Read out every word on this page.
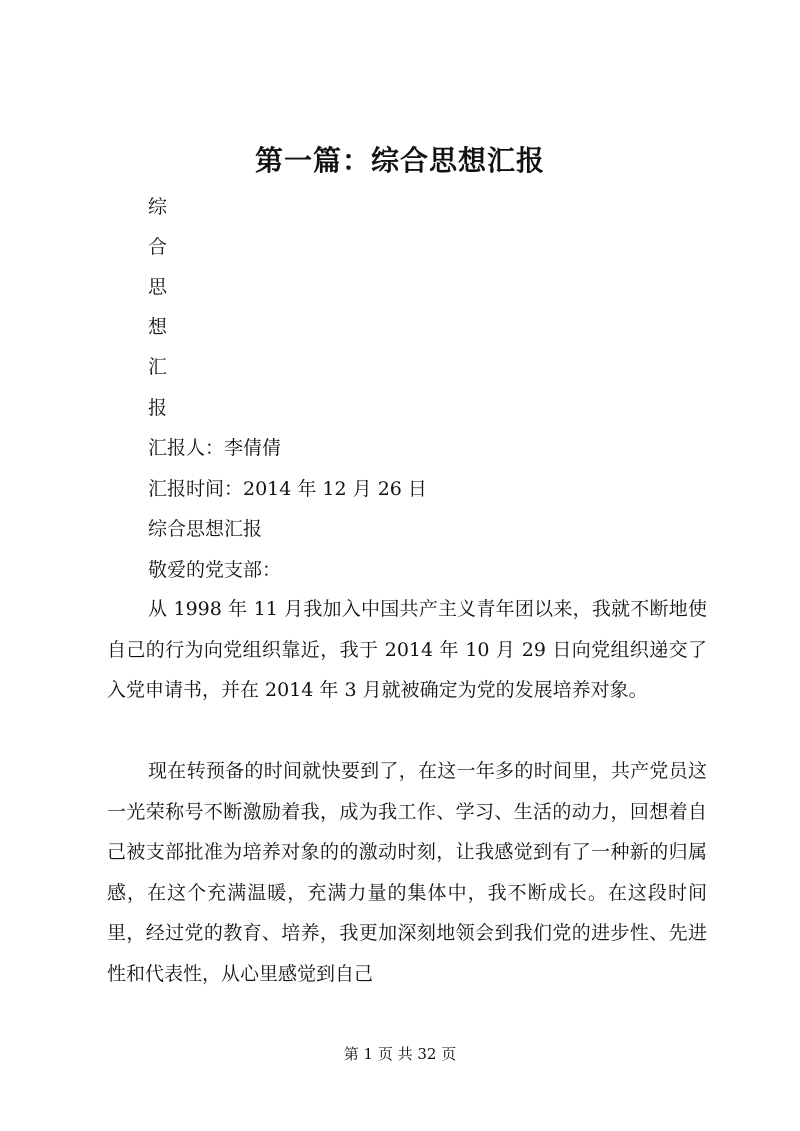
第一篇：综合思想汇报
综
合
思
想
汇
报
汇报人：李倩倩
汇报时间：2014 年 12 月 26 日
综合思想汇报
敬爱的党支部：

从 1998 年 11 月我加入中国共产主义青年团以来，我就不断地使自己的行为向党组织靠近，我于 2014 年 10 月 29 日向党组织递交了入党申请书，并在 2014 年 3 月就被确定为党的发展培养对象。

现在转预备的时间就快要到了，在这一年多的时间里，共产党员这一光荣称号不断激励着我，成为我工作、学习、生活的动力，回想着自己被支部批准为培养对象的的激动时刻，让我感觉到有了一种新的归属感，在这个充满温暖，充满力量的集体中，我不断成长。在这段时间里，经过党的教育、培养，我更加深刻地领会到我们党的进步性、先进性和代表性，从心里感觉到自己

第 1 页 共 32 页
